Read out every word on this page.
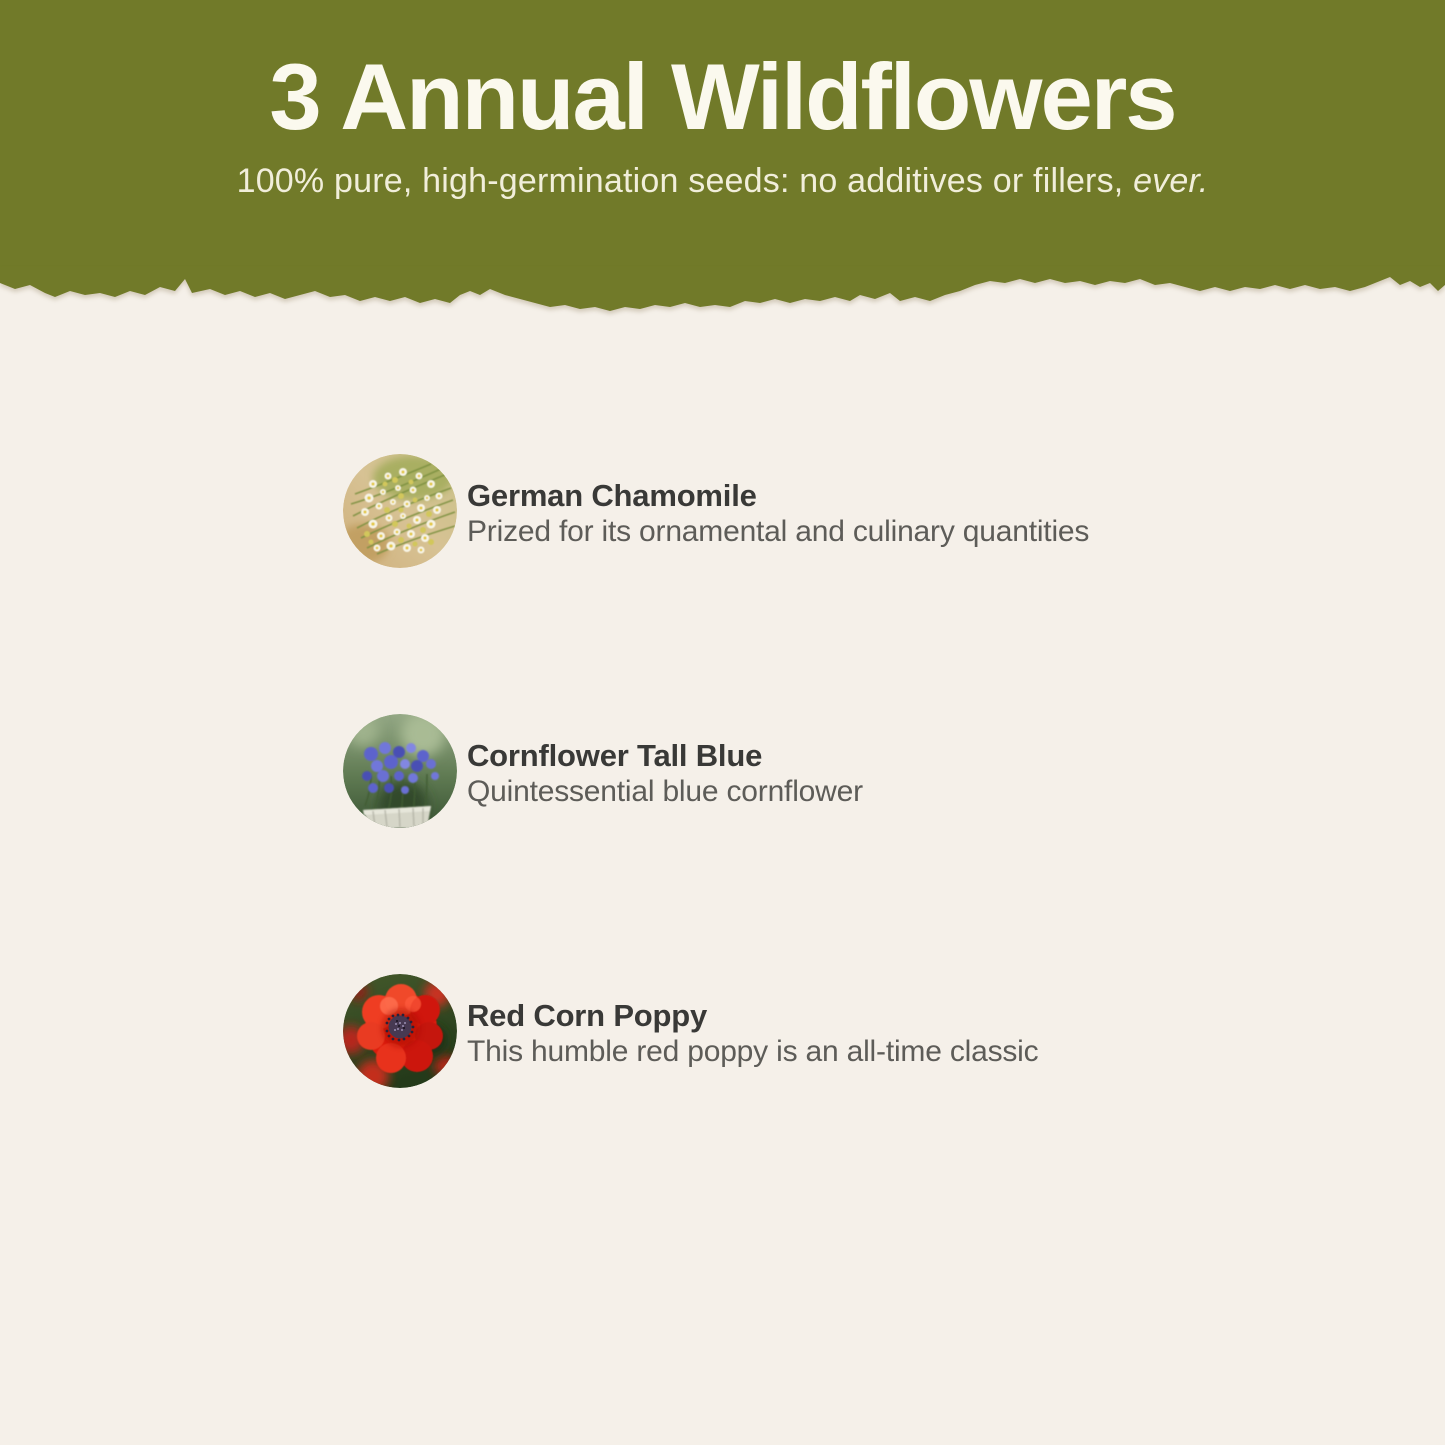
3 Annual Wildflowers

100% pure, high-germination seeds: no additives or fillers, ever.

German Chamomile

Prized for its ornamental and culinary quantities

Cornflower Tall Blue

Quintessential blue cornflower

Red Corn Poppy

This humble red poppy is an all-time classic
